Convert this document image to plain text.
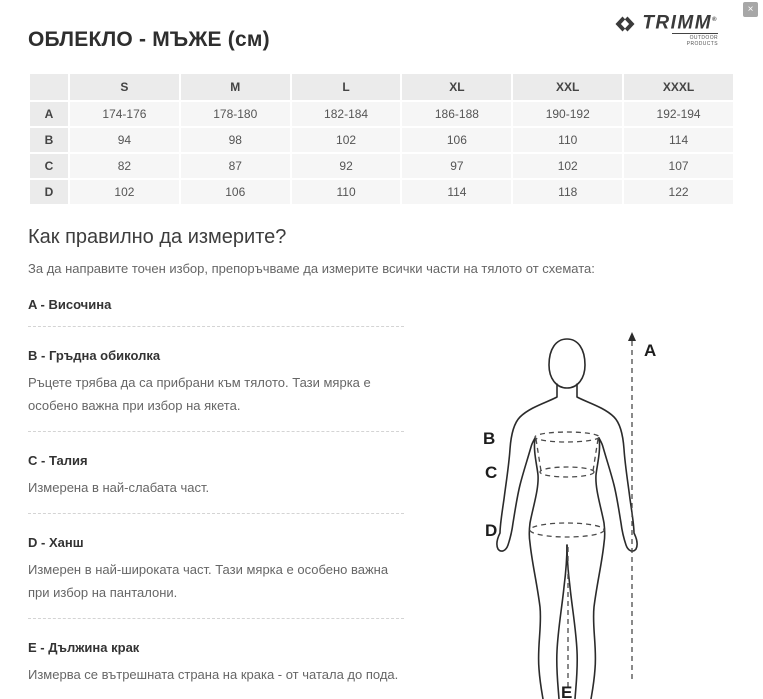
×
TRIMM®
OUTDOOR PRODUCTS
ОБЛЕКЛО - МЪЖЕ (см)
	S	M	L	XL	XXL	XXXL
A	174-176	178-180	182-184	186-188	190-192	192-194
B	94	98	102	106	110	114
C	82	87	92	97	102	107
D	102	106	110	114	118	122
Как правилно да измерите?

За да направите точен избор, препоръчваме да измерите всички части на тялото от схемата:

A - Височина
B - Гръдна обиколка

Ръцете трябва да са прибрани към тялото. Тази мярка е особено важна при избор на якета.

C - Талия

Измерена в най-слабата част.

D - Ханш

Измерен в най-широката част. Тази мярка е особено важна при избор на панталони.

E - Дължина крак

Измерва се вътрешната страна на крака - от чатала до пода.

A
B
C
D
E
